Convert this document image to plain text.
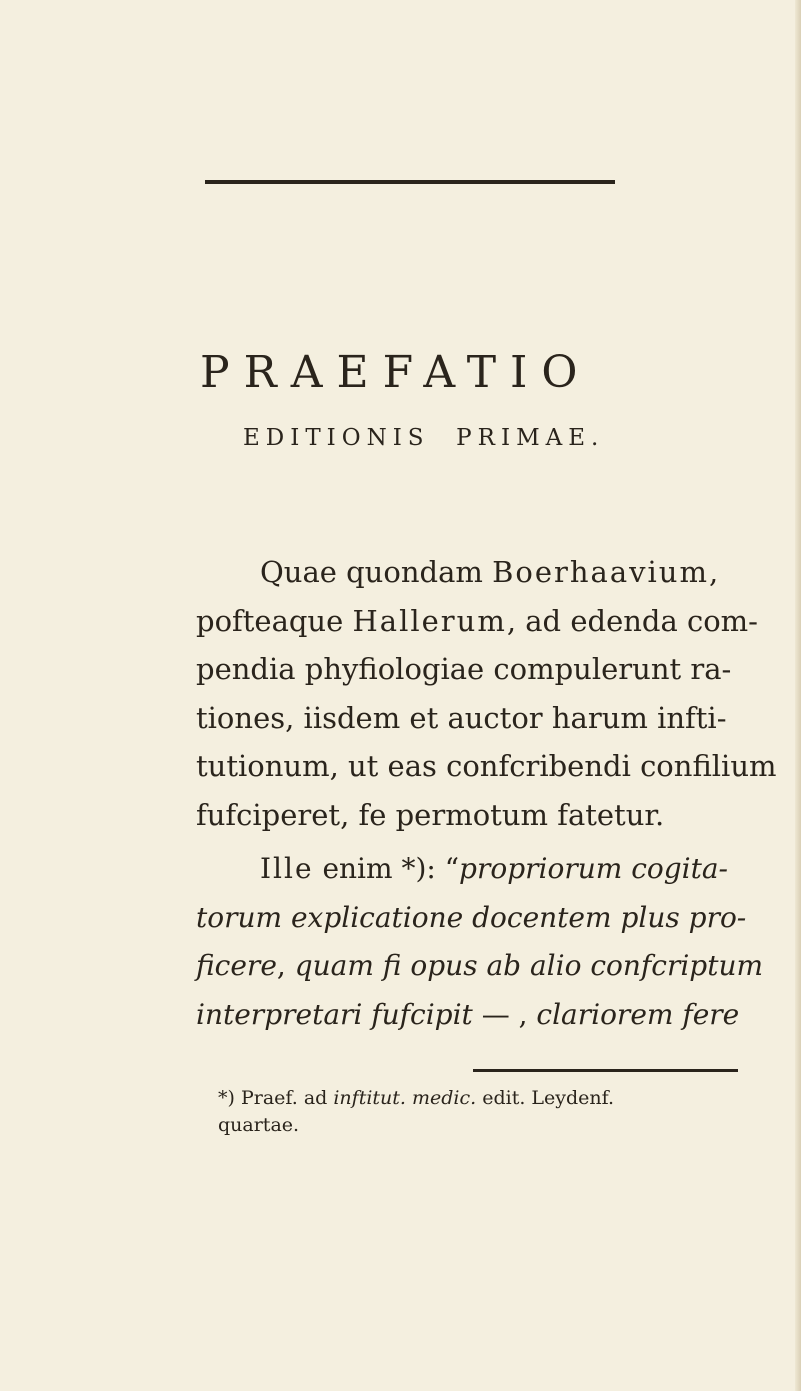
PRAEFATIO
EDITIONIS  PRIMAE.

Quae quondam Boerhaavium,
pofteaque Hallerum, ad edenda com-
pendia phyfiologiae compulerunt ra-
tiones, iisdem et auctor harum infti-
tutionum, ut eas confcribendi confilium
fufciperet, fe permotum fatetur.

Ille enim *): “propriorum cogita-
torum explicatione docentem plus pro-
ficere, quam fi opus ab alio confcriptum
interpretari fufcipit — , clariorem fere

*) Praef. ad inftitut. medic. edit. Leydenf.
quartae.
